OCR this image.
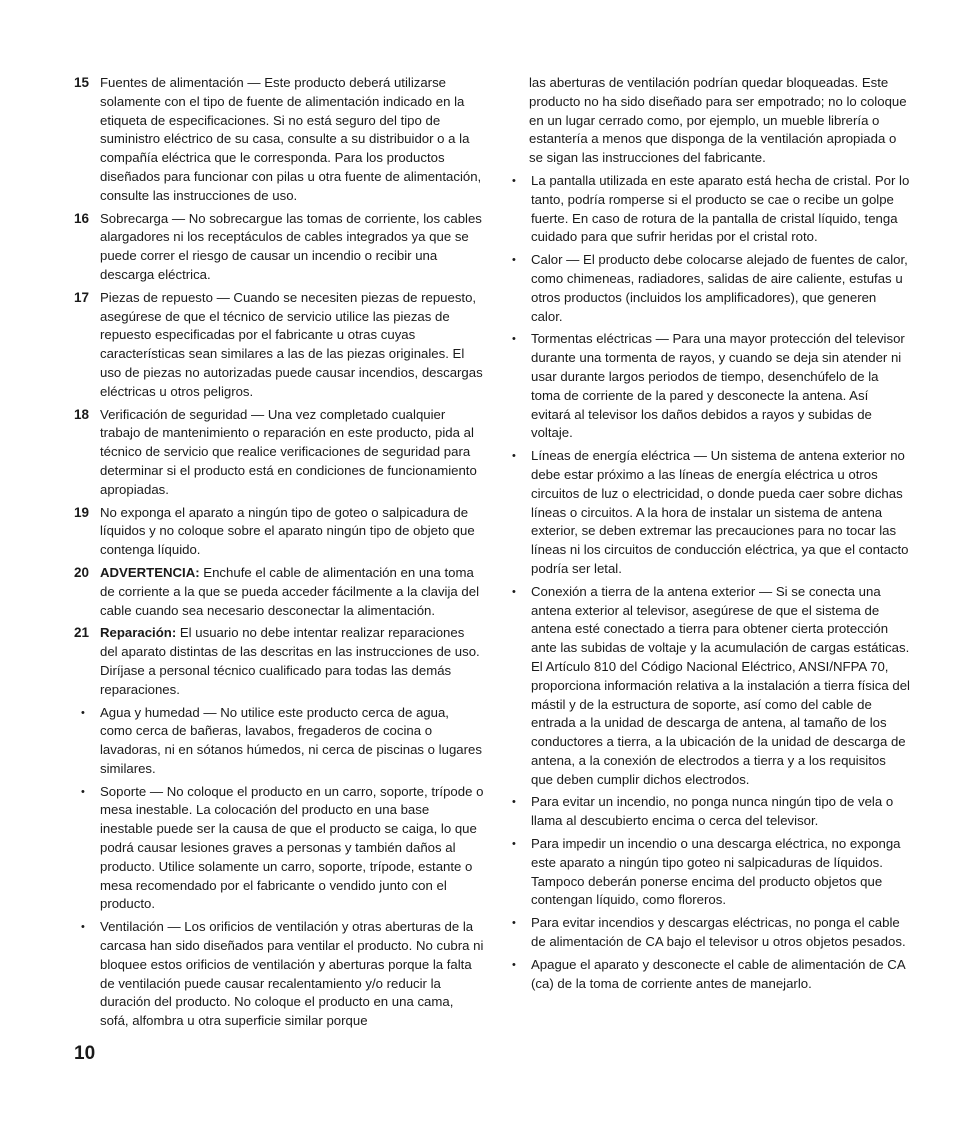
15 Fuentes de alimentación — Este producto deberá utilizarse solamente con el tipo de fuente de alimentación indicado en la etiqueta de especificaciones. Si no está seguro del tipo de suministro eléctrico de su casa, consulte a su distribuidor o a la compañía eléctrica que le corresponda. Para los productos diseñados para funcionar con pilas u otra fuente de alimentación, consulte las instrucciones de uso.
16 Sobrecarga — No sobrecargue las tomas de corriente, los cables alargadores ni los receptáculos de cables integrados ya que se puede correr el riesgo de causar un incendio o recibir una descarga eléctrica.
17 Piezas de repuesto — Cuando se necesiten piezas de repuesto, asegúrese de que el técnico de servicio utilice las piezas de repuesto especificadas por el fabricante u otras cuyas características sean similares a las de las piezas originales. El uso de piezas no autorizadas puede causar incendios, descargas eléctricas u otros peligros.
18 Verificación de seguridad — Una vez completado cualquier trabajo de mantenimiento o reparación en este producto, pida al técnico de servicio que realice verificaciones de seguridad para determinar si el producto está en condiciones de funcionamiento apropiadas.
19 No exponga el aparato a ningún tipo de goteo o salpicadura de líquidos y no coloque sobre el aparato ningún tipo de objeto que contenga líquido.
20 ADVERTENCIA: Enchufe el cable de alimentación en una toma de corriente a la que se pueda acceder fácilmente a la clavija del cable cuando sea necesario desconectar la alimentación.
21 Reparación: El usuario no debe intentar realizar reparaciones del aparato distintas de las descritas en las instrucciones de uso. Diríjase a personal técnico cualificado para todas las demás reparaciones.
• Agua y humedad — No utilice este producto cerca de agua, como cerca de bañeras, lavabos, fregaderos de cocina o lavadoras, ni en sótanos húmedos, ni cerca de piscinas o lugares similares.
• Soporte — No coloque el producto en un carro, soporte, trípode o mesa inestable. La colocación del producto en una base inestable puede ser la causa de que el producto se caiga, lo que podrá causar lesiones graves a personas y también daños al producto. Utilice solamente un carro, soporte, trípode, estante o mesa recomendado por el fabricante o vendido junto con el producto.
• Ventilación — Los orificios de ventilación y otras aberturas de la carcasa han sido diseñados para ventilar el producto. No cubra ni bloquee estos orificios de ventilación y aberturas porque la falta de ventilación puede causar recalentamiento y/o reducir la duración del producto. No coloque el producto en una cama, sofá, alfombra u otra superficie similar porque
las aberturas de ventilación podrían quedar bloqueadas. Este producto no ha sido diseñado para ser empotrado; no lo coloque en un lugar cerrado como, por ejemplo, un mueble librería o estantería a menos que disponga de la ventilación apropiada o se sigan las instrucciones del fabricante.
• La pantalla utilizada en este aparato está hecha de cristal. Por lo tanto, podría romperse si el producto se cae o recibe un golpe fuerte. En caso de rotura de la pantalla de cristal líquido, tenga cuidado para que sufrir heridas por el cristal roto.
• Calor — El producto debe colocarse alejado de fuentes de calor, como chimeneas, radiadores, salidas de aire caliente, estufas u otros productos (incluidos los amplificadores), que generen calor.
• Tormentas eléctricas — Para una mayor protección del televisor durante una tormenta de rayos, y cuando se deja sin atender ni usar durante largos periodos de tiempo, desenchúfelo de la toma de corriente de la pared y desconecte la antena. Así evitará al televisor los daños debidos a rayos y subidas de voltaje.
• Líneas de energía eléctrica — Un sistema de antena exterior no debe estar próximo a las líneas de energía eléctrica u otros circuitos de luz o electricidad, o donde pueda caer sobre dichas líneas o circuitos. A la hora de instalar un sistema de antena exterior, se deben extremar las precauciones para no tocar las líneas ni los circuitos de conducción eléctrica, ya que el contacto podría ser letal.
• Conexión a tierra de la antena exterior — Si se conecta una antena exterior al televisor, asegúrese de que el sistema de antena esté conectado a tierra para obtener cierta protección ante las subidas de voltaje y la acumulación de cargas estáticas. El Artículo 810 del Código Nacional Eléctrico, ANSI/NFPA 70, proporciona información relativa a la instalación a tierra física del mástil y de la estructura de soporte, así como del cable de entrada a la unidad de descarga de antena, al tamaño de los conductores a tierra, a la ubicación de la unidad de descarga de antena, a la conexión de electrodos a tierra y a los requisitos que deben cumplir dichos electrodos.
• Para evitar un incendio, no ponga nunca ningún tipo de vela o llama al descubierto encima o cerca del televisor.
• Para impedir un incendio o una descarga eléctrica, no exponga este aparato a ningún tipo goteo ni salpicaduras de líquidos. Tampoco deberán ponerse encima del producto objetos que contengan líquido, como floreros.
• Para evitar incendios y descargas eléctricas, no ponga el cable de alimentación de CA bajo el televisor u otros objetos pesados.
• Apague el aparato y desconecte el cable de alimentación de CA (ca) de la toma de corriente antes de manejarlo.
10
